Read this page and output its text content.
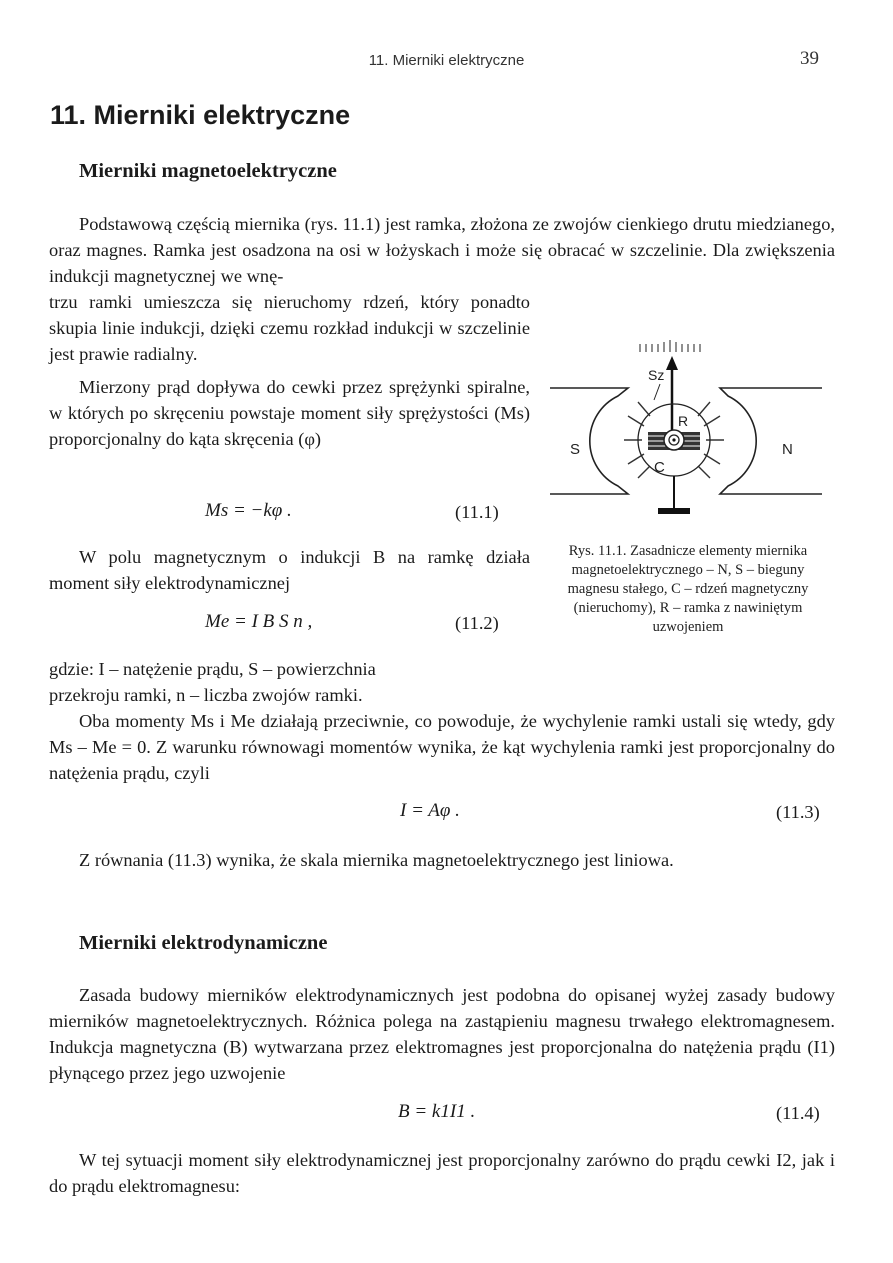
11. Mierniki elektryczne	39
11. Mierniki elektryczne
Mierniki magnetoelektryczne
Podstawową częścią miernika (rys. 11.1) jest ramka, złożona ze zwojów cienkiego drutu miedzianego, oraz magnes. Ramka jest osadzona na osi w łożyskach i może się obracać w szczelinie. Dla zwiększenia indukcji magnetycznej we wnę-
trzu ramki umieszcza się nieruchomy rdzeń, który ponadto skupia linie indukcji, dzięki czemu rozkład indukcji w szczelinie jest prawie radialny.
Mierzony prąd dopływa do cewki przez sprężynki spiralne, w których po skręceniu powstaje moment siły sprężystości (Ms) proporcjonalny do kąta skręcenia (φ)
Ms = −kφ .	(11.1)
W polu magnetycznym o indukcji B na ramkę działa moment siły elektrodynamicznej
Me = I B S n ,	(11.2)
gdzie: I – natężenie prądu, S – powierzchnia
przekroju ramki, n – liczba zwojów ramki.
Oba momenty Ms i Me działają przeciwnie, co powoduje, że wychylenie ramki ustali się wtedy, gdy Ms – Me = 0. Z warunku równowagi momentów wynika, że kąt wychylenia ramki jest proporcjonalny do natężenia prądu, czyli
I = Aφ .	(11.3)
Z równania (11.3) wynika, że skala miernika magnetoelektrycznego jest liniowa.
S	N
Sz
R
C
Rys. 11.1. Zasadnicze elementy miernika magnetoelektrycznego – N, S – bieguny magnesu stałego, C – rdzeń magnetyczny (nieruchomy), R – ramka z nawiniętym uzwojeniem
Mierniki elektrodynamiczne
Zasada budowy mierników elektrodynamicznych jest podobna do opisanej wyżej zasady budowy mierników magnetoelektrycznych. Różnica polega na zastąpieniu magnesu trwałego elektromagnesem. Indukcja magnetyczna (B) wytwarzana przez elektromagnes jest proporcjonalna do natężenia prądu (I1) płynącego przez jego uzwojenie
B = k1I1 .	(11.4)
W tej sytuacji moment siły elektrodynamicznej jest proporcjonalny zarówno do prądu cewki I2, jak i do prądu elektromagnesu:
